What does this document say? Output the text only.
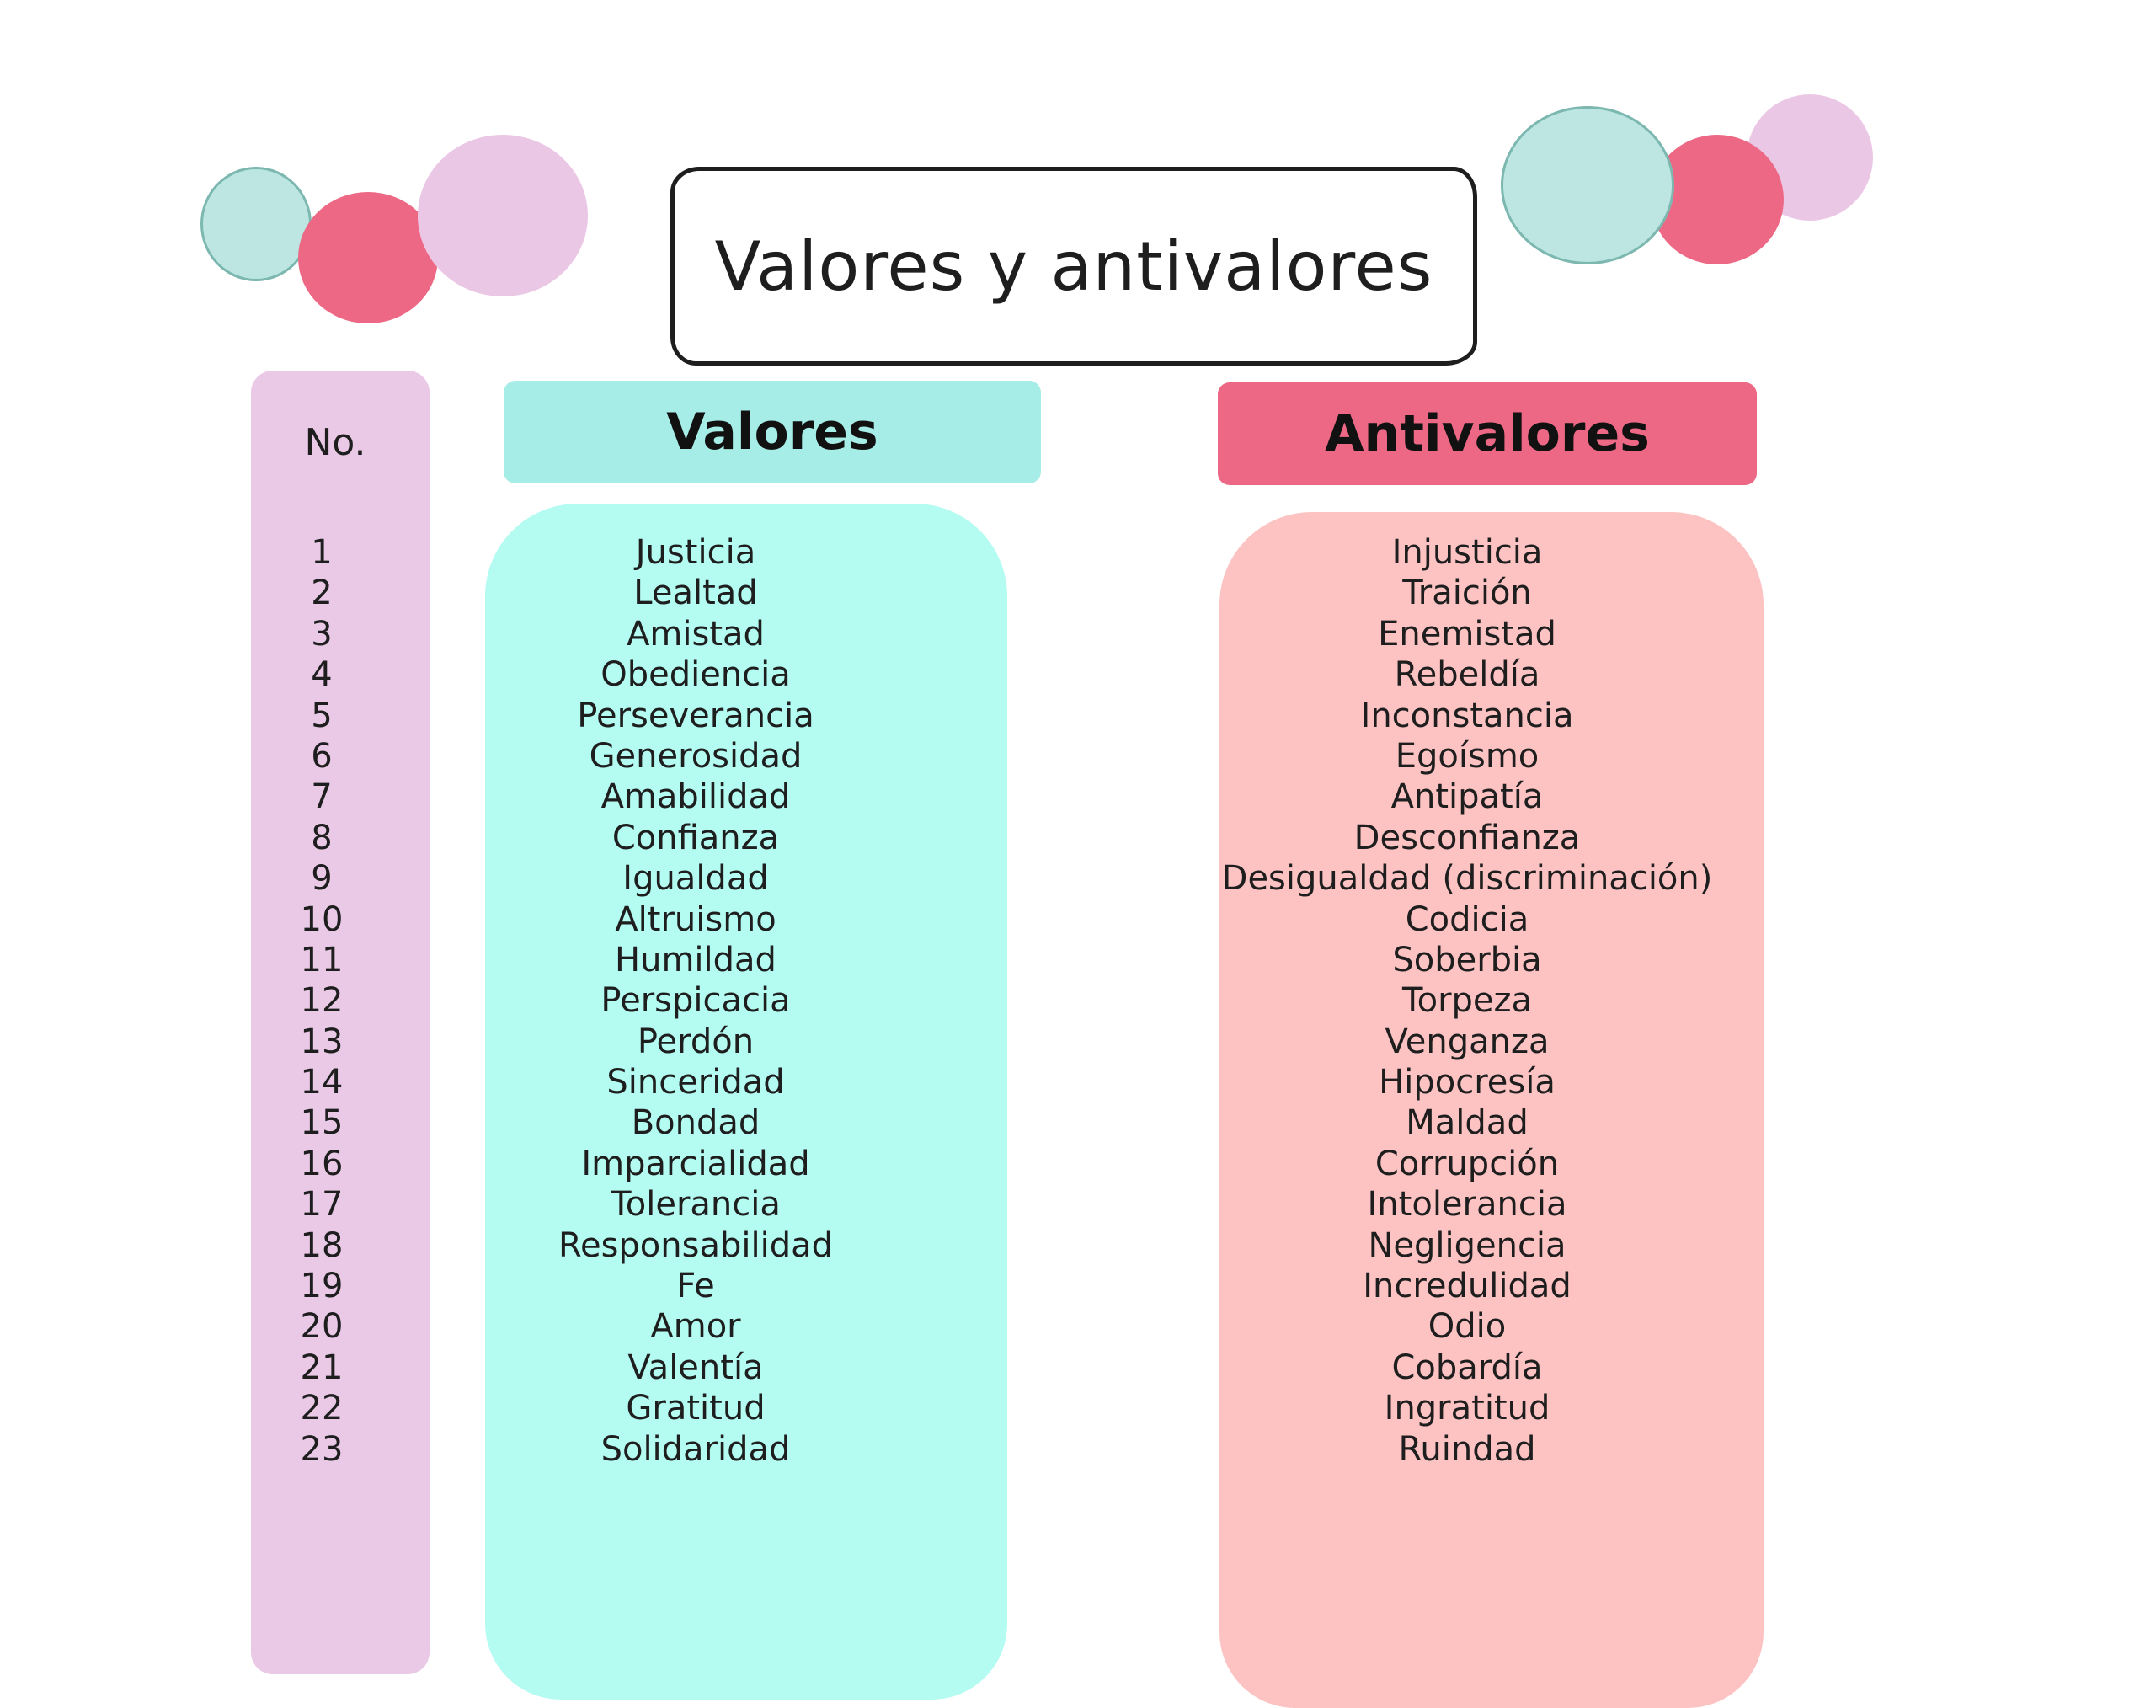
Valores y antivalores
No.	Valores	Antivalores
1
2
3
4
5
6
7
8
9
10
11
12
13
14
15
16
17
18
19
20
21
22
23
Justicia
Lealtad
Amistad
Obediencia
Perseverancia
Generosidad
Amabilidad
Confianza
Igualdad
Altruismo
Humildad
Perspicacia
Perdón
Sinceridad
Bondad
Imparcialidad
Tolerancia
Responsabilidad
Fe
Amor
Valentía
Gratitud
Solidaridad
Injusticia
Traición
Enemistad
Rebeldía
Inconstancia
Egoísmo
Antipatía
Desconfianza
Desigualdad (discriminación)
Codicia
Soberbia
Torpeza
Venganza
Hipocresía
Maldad
Corrupción
Intolerancia
Negligencia
Incredulidad
Odio
Cobardía
Ingratitud
Ruindad
